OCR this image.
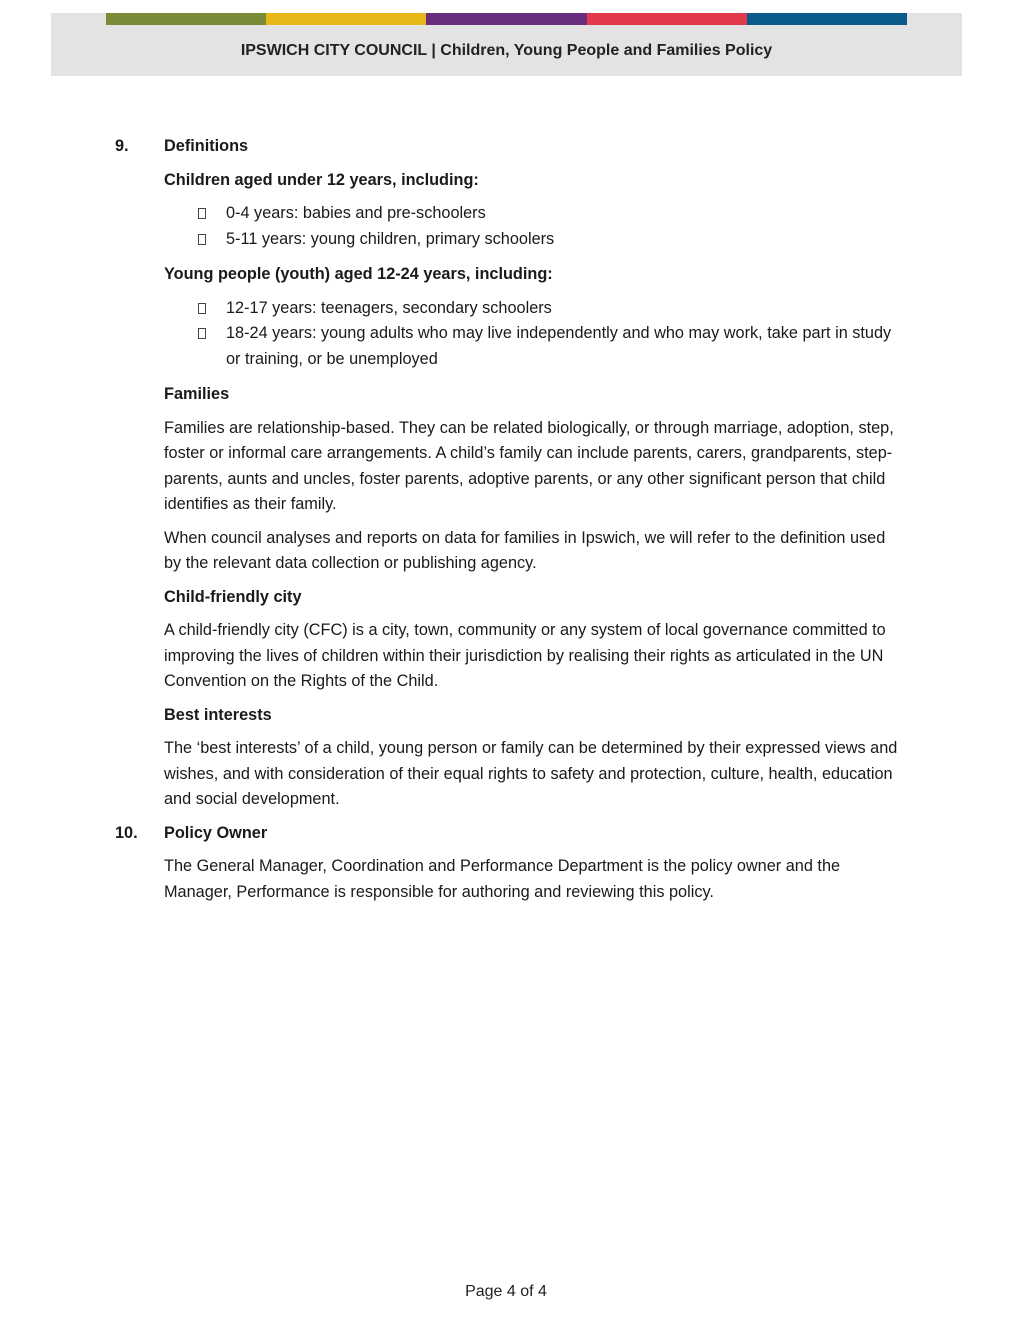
IPSWICH CITY COUNCIL | Children, Young People and Families Policy
9.	Definitions
Children aged under 12 years, including:
0-4 years: babies and pre-schoolers
5-11 years: young children, primary schoolers
Young people (youth) aged 12-24 years, including:
12-17 years: teenagers, secondary schoolers
18-24 years: young adults who may live independently and who may work, take part in study or training, or be unemployed
Families

Families are relationship-based. They can be related biologically, or through marriage, adoption, step, foster or informal care arrangements. A child’s family can include parents, carers, grandparents, step-parents, aunts and uncles, foster parents, adoptive parents, or any other significant person that child identifies as their family.

When council analyses and reports on data for families in Ipswich, we will refer to the definition used by the relevant data collection or publishing agency.

Child-friendly city

A child-friendly city (CFC) is a city, town, community or any system of local governance committed to improving the lives of children within their jurisdiction by realising their rights as articulated in the UN Convention on the Rights of the Child.

Best interests

The ‘best interests’ of a child, young person or family can be determined by their expressed views and wishes, and with consideration of their equal rights to safety and protection, culture, health, education and social development.

10.	Policy Owner

The General Manager, Coordination and Performance Department is the policy owner and the Manager, Performance is responsible for authoring and reviewing this policy.

Page 4 of 4
